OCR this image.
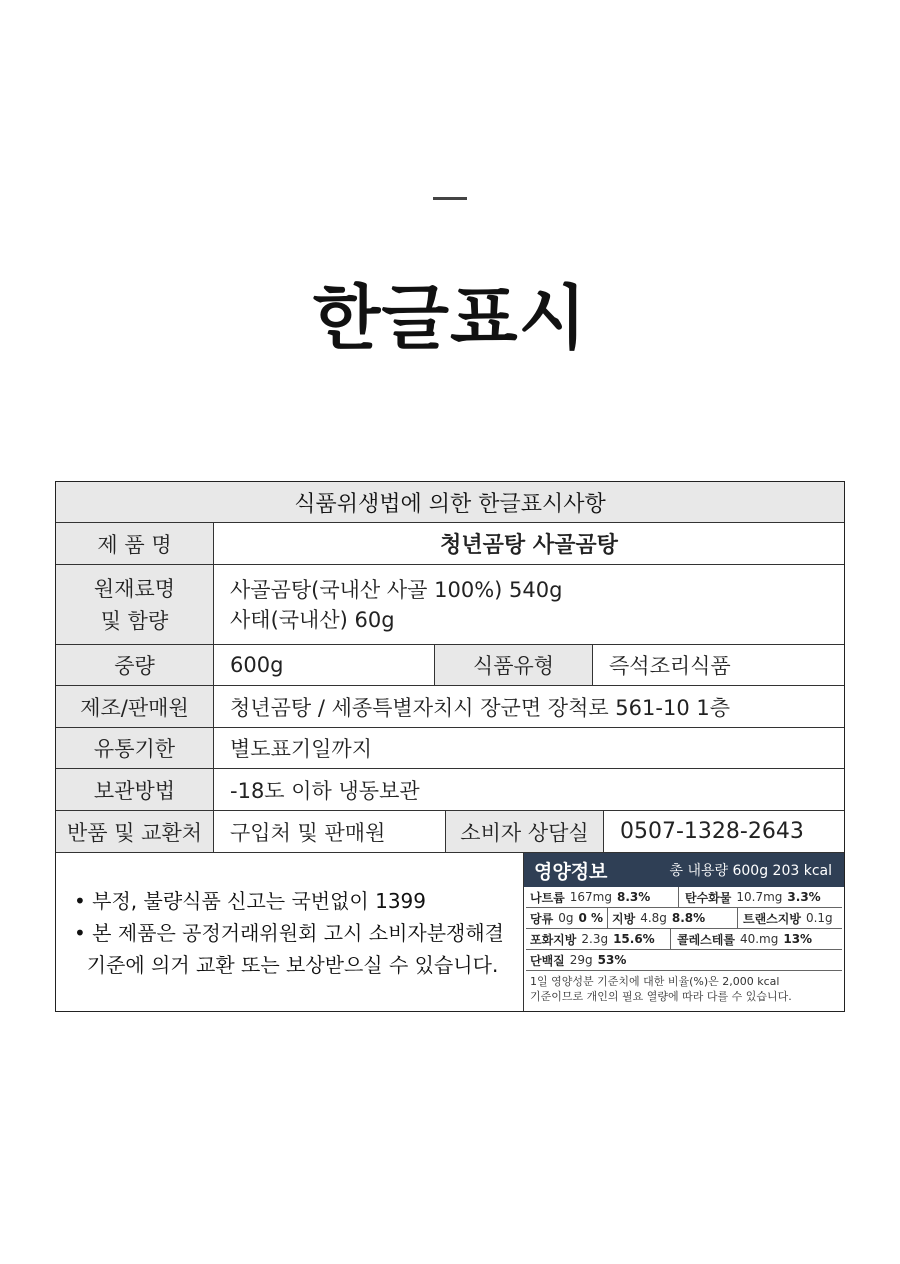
한글표시
식품위생법에 의한 한글표시사항
제 품 명	청년곰탕 사골곰탕
원재료명
및 함량
사골곰탕(국내산 사골 100%) 540g
사태(국내산) 60g
중량	600g	식품유형	즉석조리식품
제조/판매원	청년곰탕 / 세종특별자치시 장군면 장척로 561-10 1층
유통기한	별도표기일까지
보관방법	-18도 이하 냉동보관
반품 및 교환처	구입처 및 판매원	소비자 상담실	0507-1328-2643
• 부정, 불량식품 신고는 국번없이 1399
• 본 제품은 공정거래위원회 고시 소비자분쟁해결
기준에 의거 교환 또는 보상받으실 수 있습니다.
영양정보	총 내용량 600g 203 kcal
나트륨 167mg 8.3%	탄수화물 10.7mg 3.3%
당류 0g 0 % 지방 4.8g 8.8%	트랜스지방 0.1g
포화지방 2.3g 15.6% 콜레스테롤 40.mg 13%
단백질 29g 53%
1일 영양성분 기준치에 대한 비율(%)은 2,000 kcal
기준이므로 개인의 필요 열량에 따라 다를 수 있습니다.
